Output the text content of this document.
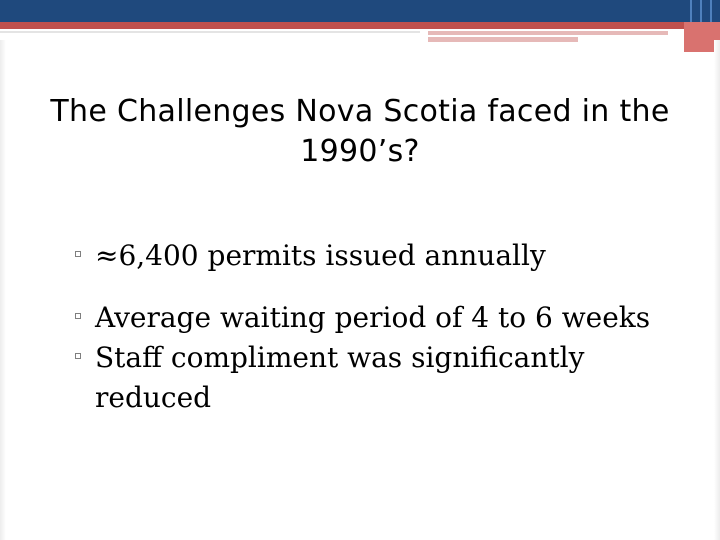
The Challenges Nova Scotia faced in the 1990’s?
≈6,400 permits issued annually
Average waiting period of 4 to 6 weeks
Staff compliment was significantly reduced
